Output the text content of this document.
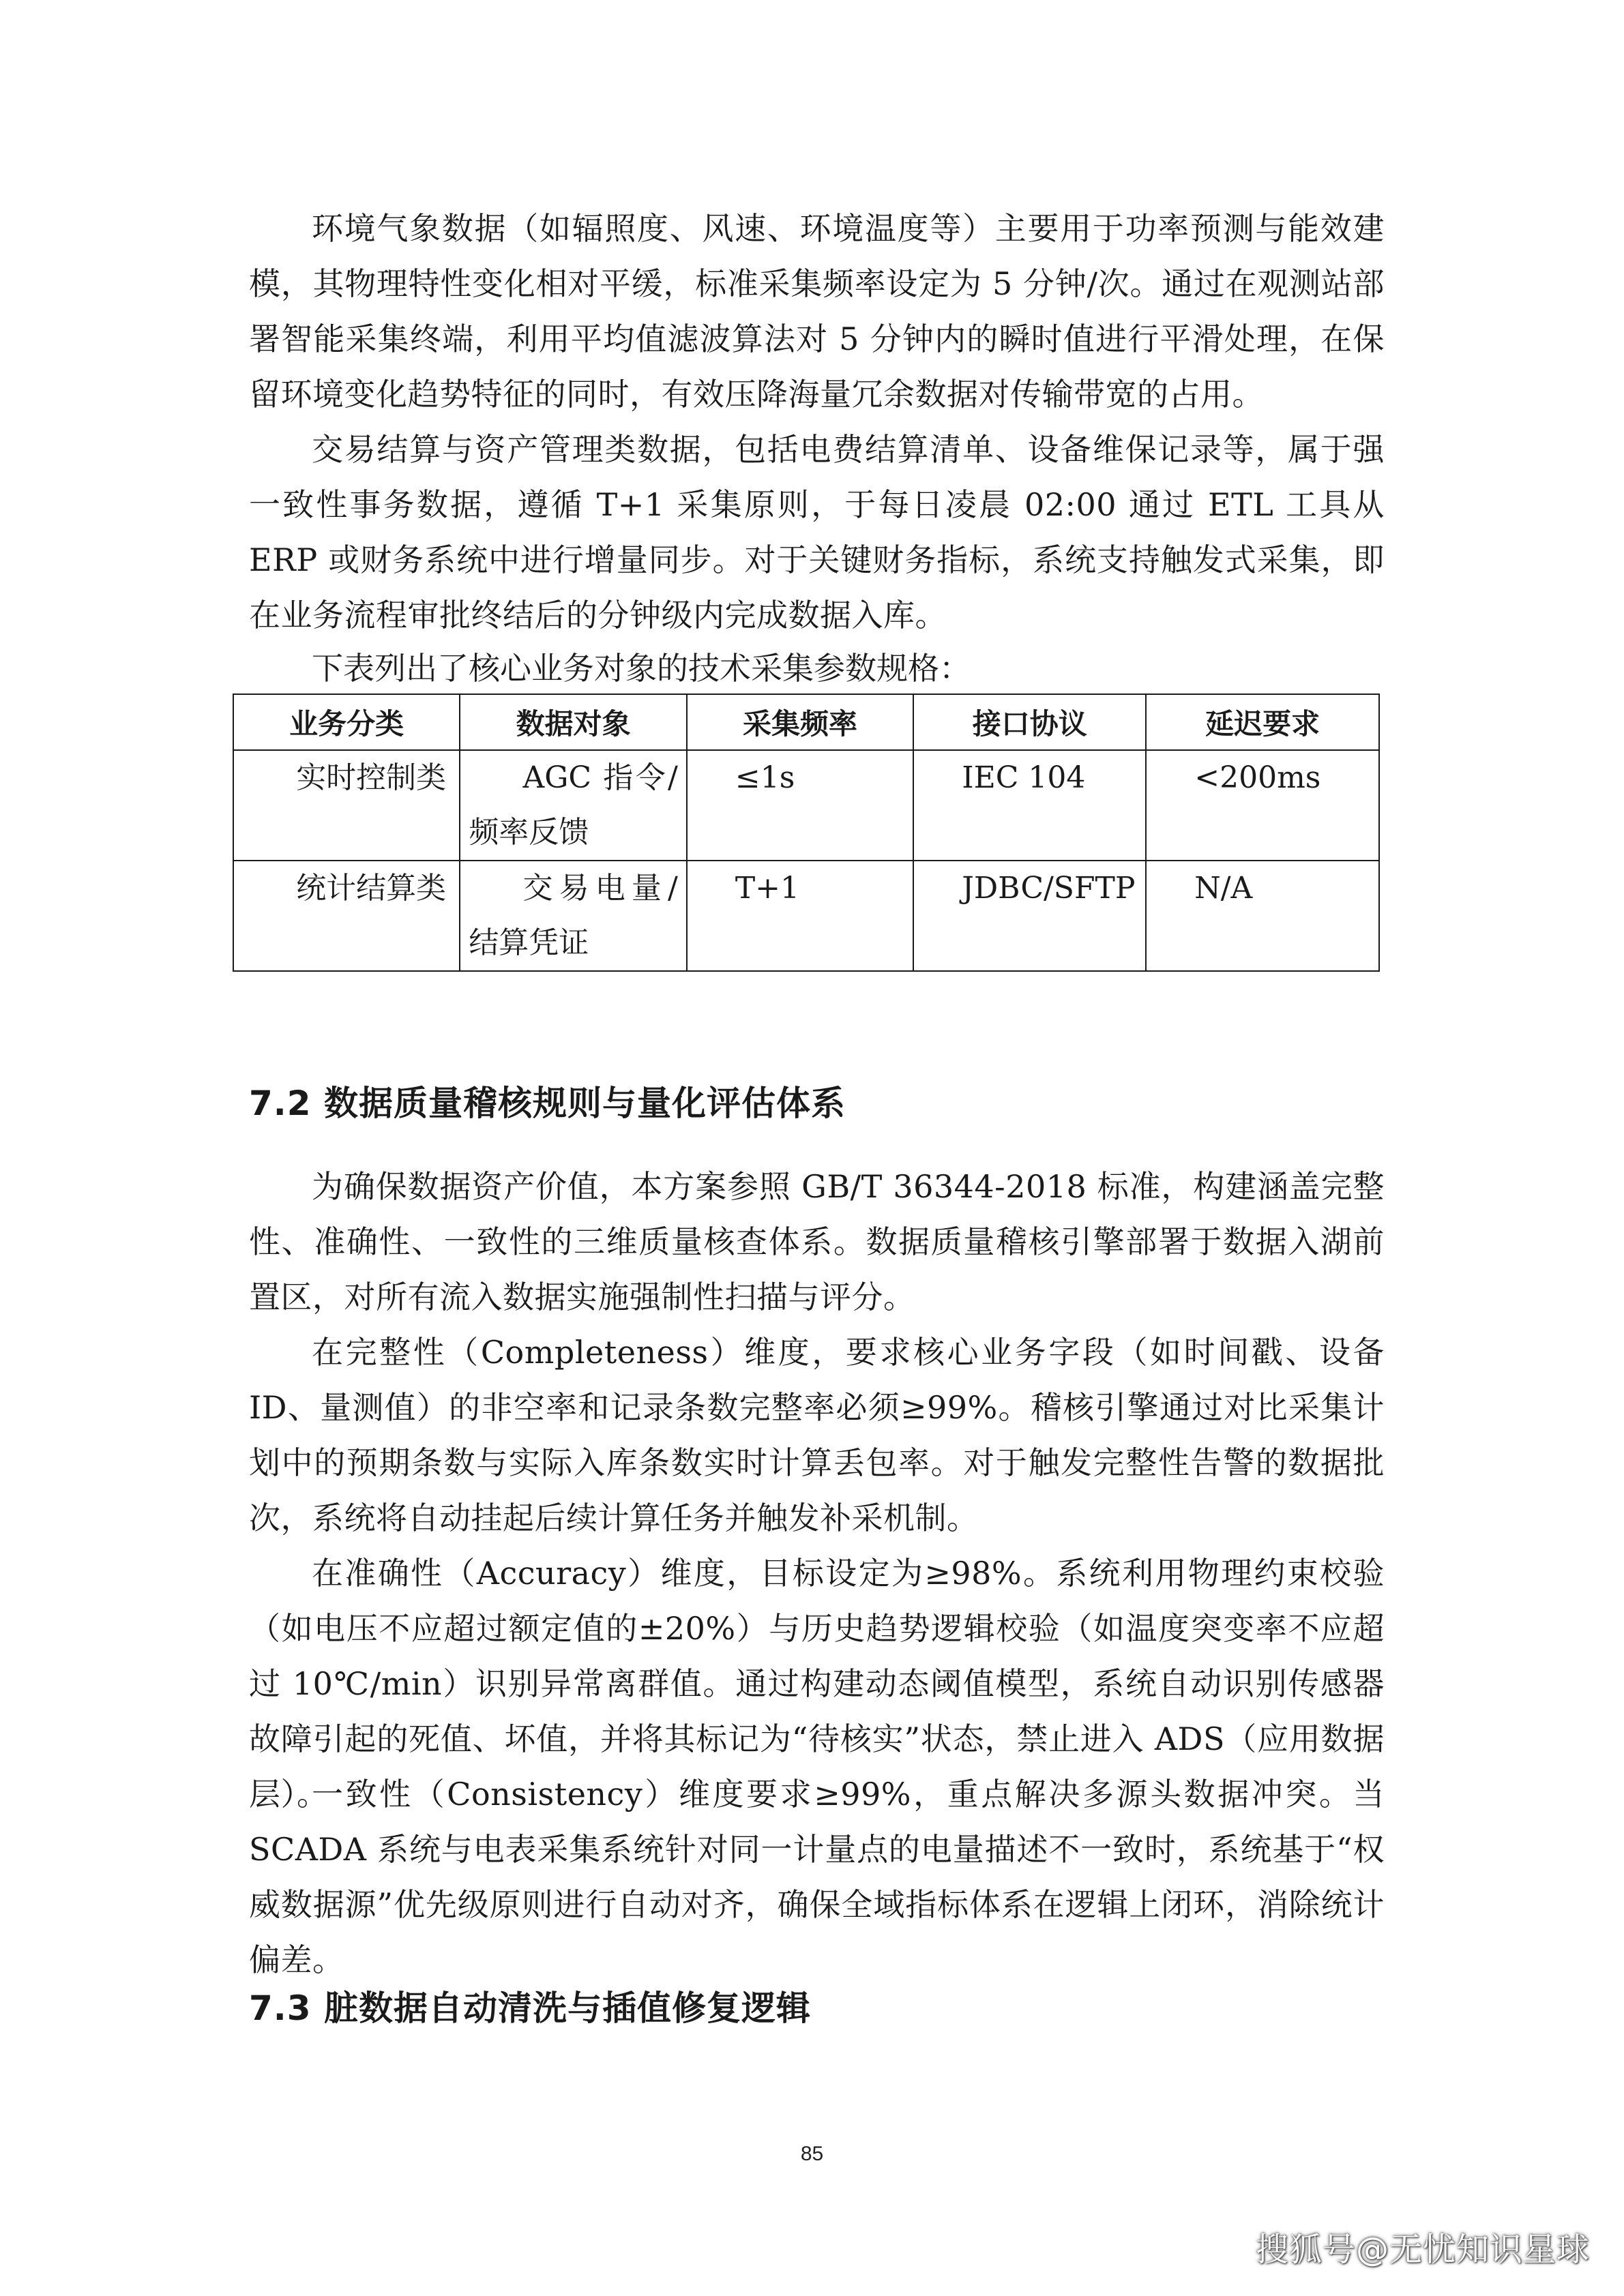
环境气象数据（如辐照度、风速、环境温度等）主要用于功率预测与能效建模，其物理特性变化相对平缓，标准采集频率设定为 5 分钟/次。通过在观测站部署智能采集终端，利用平均值滤波算法对 5 分钟内的瞬时值进行平滑处理，在保留环境变化趋势特征的同时，有效压降海量冗余数据对传输带宽的占用。

交易结算与资产管理类数据，包括电费结算清单、设备维保记录等，属于强一致性事务数据，遵循 T+1 采集原则，于每日凌晨 02:00 通过 ETL 工具从 ERP 或财务系统中进行增量同步。对于关键财务指标，系统支持触发式采集，即在业务流程审批终结后的分钟级内完成数据入库。

下表列出了核心业务对象的技术采集参数规格：

业务分类	数据对象	采集频率	接口协议	延迟要求
实时控制类	AGC 指令/频率反馈	≤1s	IEC 104	<200ms
统计结算类	交易电量/结算凭证	T+1	JDBC/SFTP	N/A
7.2 数据质量稽核规则与量化评估体系

为确保数据资产价值，本方案参照 GB/T 36344-2018 标准，构建涵盖完整性、准确性、一致性的三维质量核查体系。数据质量稽核引擎部署于数据入湖前置区，对所有流入数据实施强制性扫描与评分。

在完整性（Completeness）维度，要求核心业务字段（如时间戳、设备 ID、量测值）的非空率和记录条数完整率必须≥99%。稽核引擎通过对比采集计划中的预期条数与实际入库条数实时计算丢包率。对于触发完整性告警的数据批次，系统将自动挂起后续计算任务并触发补采机制。

在准确性（Accuracy）维度，目标设定为≥98%。系统利用物理约束校验（如电压不应超过额定值的±20%）与历史趋势逻辑校验（如温度突变率不应超过 10℃/min）识别异常离群值。通过构建动态阈值模型，系统自动识别传感器故障引起的死值、坏值，并将其标记为“待核实”状态，禁止进入 ADS（应用数据层）。

一致性（Consistency）维度要求≥99%，重点解决多源头数据冲突。当 SCADA 系统与电表采集系统针对同一计量点的电量描述不一致时，系统基于“权威数据源”优先级原则进行自动对齐，确保全域指标体系在逻辑上闭环，消除统计偏差。

7.3 脏数据自动清洗与插值修复逻辑
85
搜狐号@无忧知识星球
